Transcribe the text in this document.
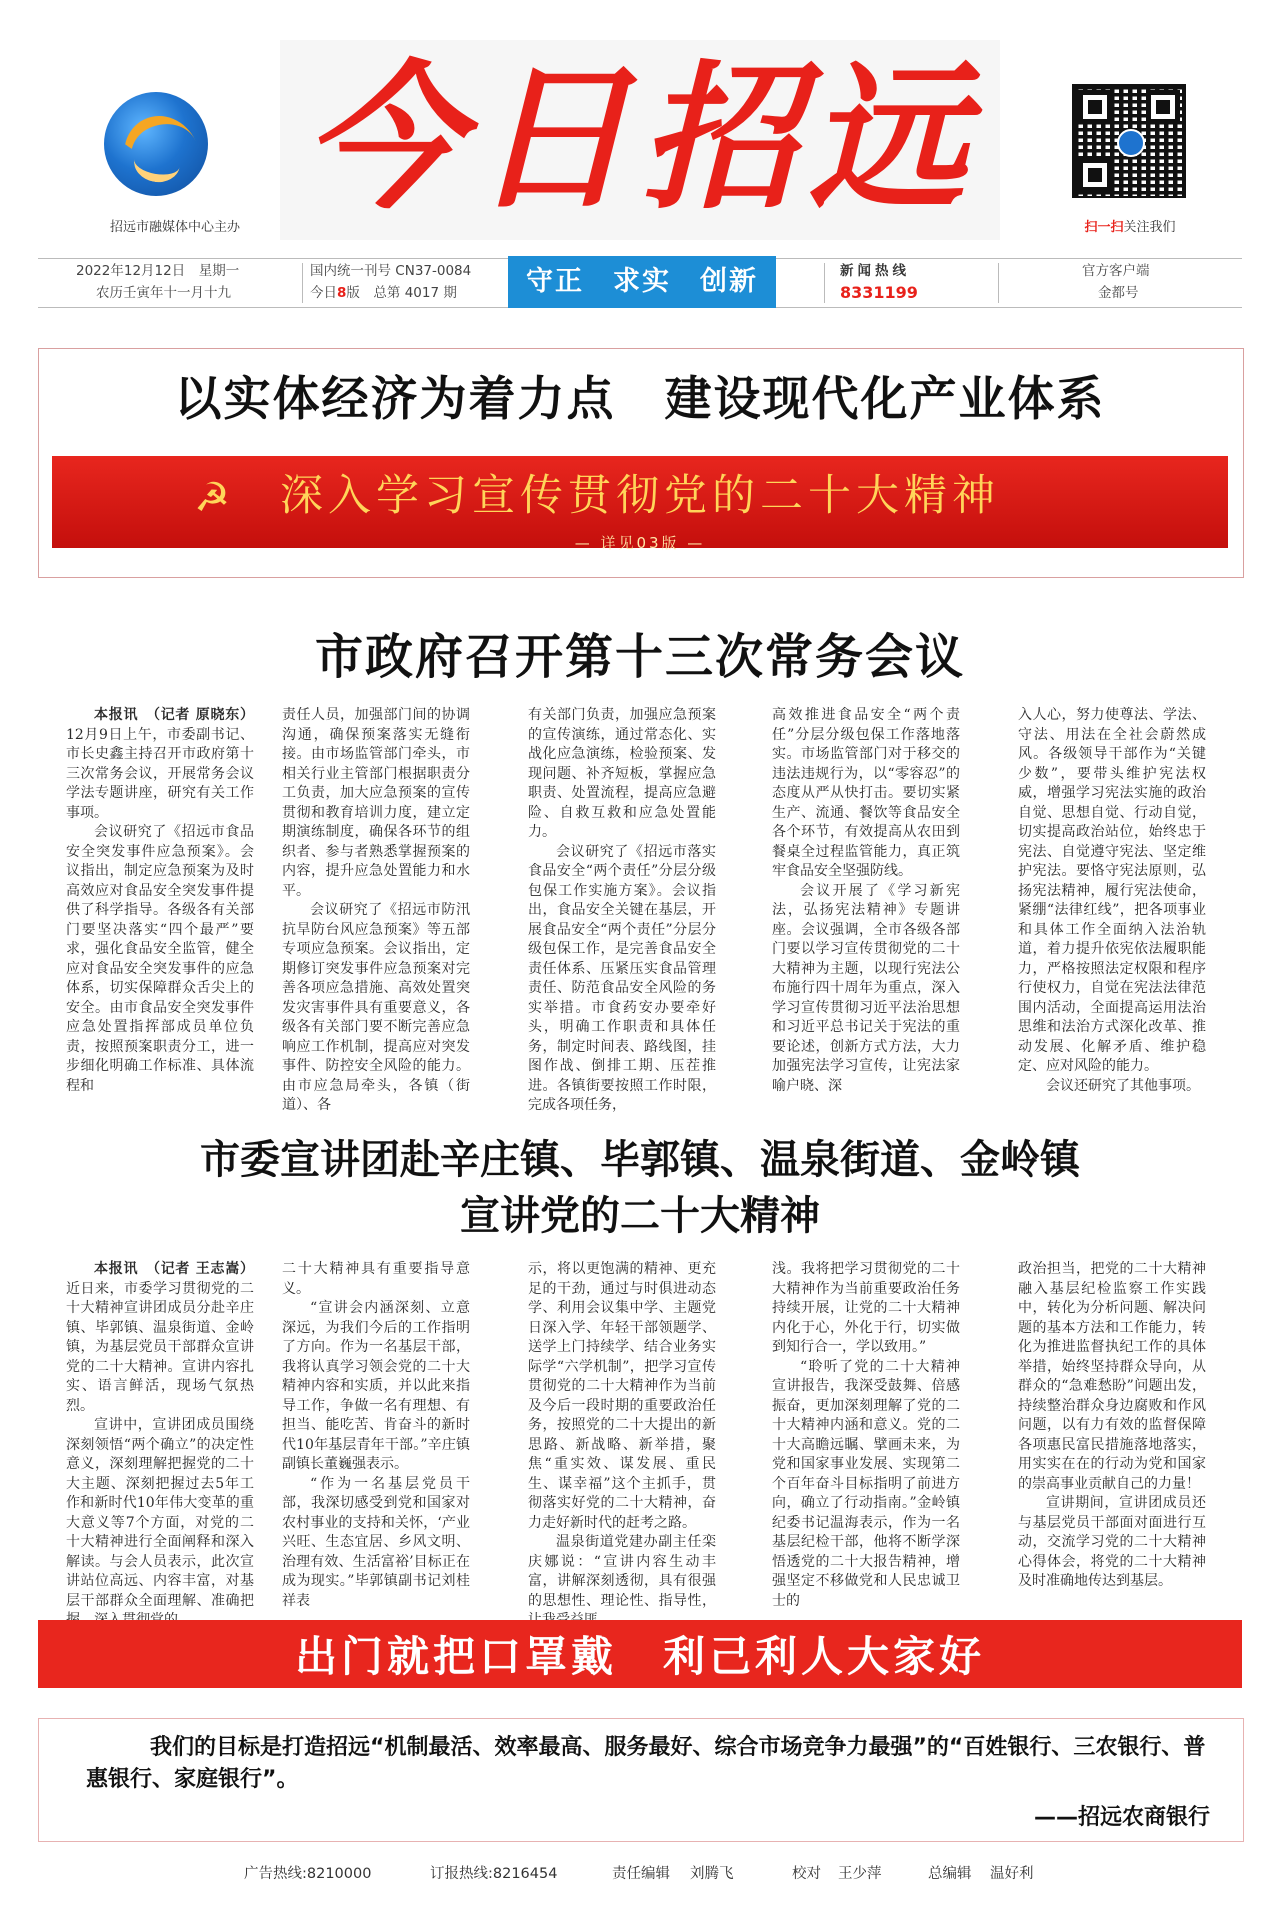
招远市融媒体中心主办 今日招远	扫一扫关注我们
2022年12月12日　星期一
农历壬寅年十一月十九
国内统一刊号 CN37-0084
今日8版　总第 4017 期
新闻热线
8331199
官方客户端
金都号
守正　求实　创新
以实体经济为着力点　建设现代化产业体系
☭	深入学习宣传贯彻党的二十大精神
— 详见03版 —
市政府召开第十三次常务会议

本报讯　（记者 原晓东）12月9日上午，市委副书记、市长史鑫主持召开市政府第十三次常务会议，开展常务会议学法专题讲座，研究有关工作事项。

会议研究了《招远市食品安全突发事件应急预案》。会议指出，制定应急预案为及时高效应对食品安全突发事件提供了科学指导。各级各有关部门要坚决落实“四个最严”要求，强化食品安全监管，健全应对食品安全突发事件的应急体系，切实保障群众舌尖上的安全。由市食品安全突发事件应急处置指挥部成员单位负责，按照预案职责分工，进一步细化明确工作标准、具体流程和

责任人员，加强部门间的协调沟通，确保预案落实无缝衔接。由市场监管部门牵头，市相关行业主管部门根据职责分工负责，加大应急预案的宣传贯彻和教育培训力度，建立定期演练制度，确保各环节的组织者、参与者熟悉掌握预案的内容，提升应急处置能力和水平。

会议研究了《招远市防汛抗旱防台风应急预案》等五部专项应急预案。会议指出，定期修订突发事件应急预案对完善各项应急措施、高效处置突发灾害事件具有重要意义，各级各有关部门要不断完善应急响应工作机制，提高应对突发事件、防控安全风险的能力。由市应急局牵头，各镇（街道）、各

有关部门负责，加强应急预案的宣传演练，通过常态化、实战化应急演练，检验预案、发现问题、补齐短板，掌握应急职责、处置流程，提高应急避险、自救互救和应急处置能力。

会议研究了《招远市落实食品安全“两个责任”分层分级包保工作实施方案》。会议指出，食品安全关键在基层，开展食品安全“两个责任”分层分级包保工作，是完善食品安全责任体系、压紧压实食品管理责任、防范食品安全风险的务实举措。市食药安办要牵好头，明确工作职责和具体任务，制定时间表、路线图，挂图作战、倒排工期、压茬推进。各镇街要按照工作时限，完成各项任务，

高效推进食品安全“两个责任”分层分级包保工作落地落实。市场监管部门对于移交的违法违规行为，以“零容忍”的态度从严从快打击。要切实紧生产、流通、餐饮等食品安全各个环节，有效提高从农田到餐桌全过程监管能力，真正筑牢食品安全坚强防线。

会议开展了《学习新宪法，弘扬宪法精神》专题讲座。会议强调，全市各级各部门要以学习宣传贯彻党的二十大精神为主题，以现行宪法公布施行四十周年为重点，深入学习宣传贯彻习近平法治思想和习近平总书记关于宪法的重要论述，创新方式方法，大力加强宪法学习宣传，让宪法家喻户晓、深

入人心，努力使尊法、学法、守法、用法在全社会蔚然成风。各级领导干部作为“关键少数”，要带头维护宪法权威，增强学习宪法实施的政治自觉、思想自觉、行动自觉，切实提高政治站位，始终忠于宪法、自觉遵守宪法、坚定维护宪法。要恪守宪法原则，弘扬宪法精神，履行宪法使命，紧绷“法律红线”，把各项事业和具体工作全面纳入法治轨道，着力提升依宪依法履职能力，严格按照法定权限和程序行使权力，自觉在宪法法律范围内活动，全面提高运用法治思维和法治方式深化改革、推动发展、化解矛盾、维护稳定、应对风险的能力。

会议还研究了其他事项。

市委宣讲团赴辛庄镇、毕郭镇、温泉街道、金岭镇
宣讲党的二十大精神

本报讯　（记者 王志嵩）近日来，市委学习贯彻党的二十大精神宣讲团成员分赴辛庄镇、毕郭镇、温泉街道、金岭镇，为基层党员干部群众宣讲党的二十大精神。宣讲内容扎实、语言鲜活，现场气氛热烈。

宣讲中，宣讲团成员围绕深刻领悟“两个确立”的决定性意义，深刻理解把握党的二十大主题、深刻把握过去5年工作和新时代10年伟大变革的重大意义等7个方面，对党的二十大精神进行全面阐释和深入解读。与会人员表示，此次宣讲站位高远、内容丰富，对基层干部群众全面理解、准确把

二十大精神具有重要指导意义。

“宣讲会内涵深刻、立意深远，为我们今后的工作指明了方向。作为一名基层干部，我将认真学习领会党的二十大精神内容和实质，并以此来指导工作，争做一名有理想、有担当、能吃苦、肯奋斗的新时代10年基层青年干部。”辛庄镇副镇长董巍强表示。

“作为一名基层党员干部，我深切感受到党和国家对农村事业的支持和关怀，‘产业兴旺、生态宜居、乡风文明、治理有效、生活富裕’目标正在成为现实。”毕郭镇副书记刘桂祥表

示，将以更饱满的精神、更充足的干劲，通过与时俱进动态学、利用会议集中学、主题党日深入学、年轻干部领题学、送学上门持续学、结合业务实际学“六学机制”，把学习宣传贯彻党的二十大精神作为当前及今后一段时期的重要政治任务，按照党的二十大提出的新思路、新战略、新举措，聚焦“重实效、谋发展、重民生、谋幸福”这个主抓手，贯彻落实好党的二十大精神，奋力走好新时代的赶考之路。

温泉街道党建办副主任栾庆娜说：“宣讲内容生动丰富，讲解深刻透彻，具有很强的思想性、理论性、指导性，

浅。我将把学习贯彻党的二十大精神作为当前重要政治任务持续开展，让党的二十大精神内化于心，外化于行，切实做到知行合一，学以致用。”

“聆听了党的二十大精神宣讲报告，我深受鼓舞、倍感振奋，更加深刻理解了党的二十大精神内涵和意义。党的二十大高瞻远瞩、擘画未来，为党和国家事业发展、实现第二个百年奋斗目标指明了前进方向，确立了行动指南。”金岭镇纪委书记温海表示，作为一名基层纪检干部，他将不断学深悟透党的二十大报告精神，增强坚定不移做党和人民忠诚卫士的

政治担当，把党的二十大精神融入基层纪检监察工作实践中，转化为分析问题、解决问题的基本方法和工作能力，转化为推进监督执纪工作的具体举措，始终坚持群众导向，从群众的“急难愁盼”问题出发，持续整治群众身边腐败和作风问题，以有力有效的监督保障各项惠民富民措施落地落实，用实实在在的行动为党和国家的崇高事业贡献自己的力量！

宣讲期间，宣讲团成员还与基层党员干部面对面进行互动，交流学习党的二十大精神心得体会，将党的二十大精神及时准确地传达到基层。

出门就把口罩戴　利己利人大家好
我们的目标是打造招远“机制最活、效率最高、服务最好、综合市场竞争力最强”的“百姓银行、三农银行、普惠银行、家庭银行”。
——招远农商银行
广告热线:8210000	订报热线:8216454	责任编辑 刘腾飞	校对 王少萍	总编辑 温好利
